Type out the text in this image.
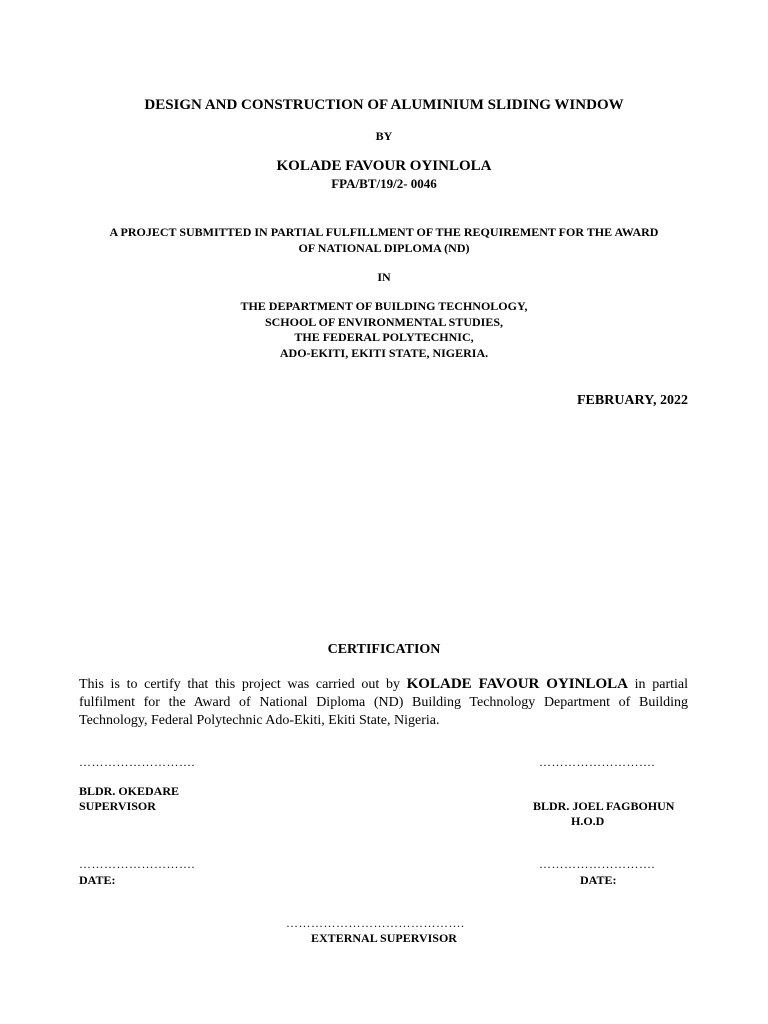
DESIGN AND CONSTRUCTION OF ALUMINIUM SLIDING WINDOW
BY
KOLADE FAVOUR OYINLOLA
FPA/BT/19/2- 0046
A PROJECT SUBMITTED IN PARTIAL FULFILLMENT OF THE REQUIREMENT FOR THE AWARD
OF NATIONAL DIPLOMA (ND)
IN
THE DEPARTMENT OF BUILDING TECHNOLOGY,
SCHOOL OF ENVIRONMENTAL STUDIES,
THE FEDERAL POLYTECHNIC,
ADO-EKITI, EKITI STATE, NIGERIA.
FEBRUARY, 2022
CERTIFICATION
This is to certify that this project was carried out by KOLADE FAVOUR OYINLOLA in partial fulfilment for the Award of National Diploma (ND) Building Technology Department of Building Technology, Federal Polytechnic Ado-Ekiti, Ekiti State, Nigeria.
……………………….
BLDR. OKEDARE
SUPERVISOR
……………………….
BLDR. JOEL FAGBOHUN
H.O.D
……………………….
DATE:
……………………….
DATE:
…………………………………….
EXTERNAL SUPERVISOR
